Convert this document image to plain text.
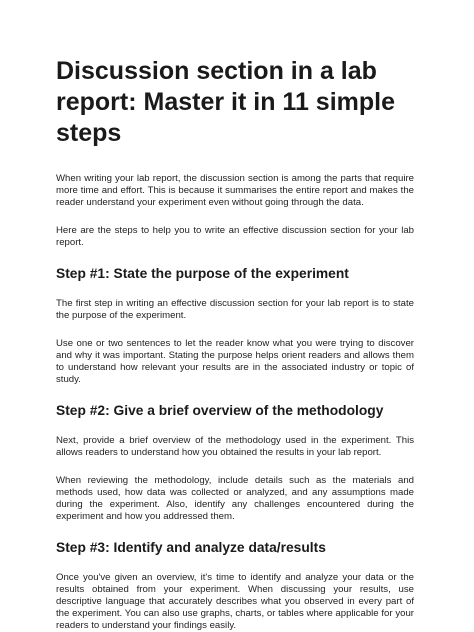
Discussion section in a lab report: Master it in 11 simple steps

When writing your lab report, the discussion section is among the parts that require more time and effort. This is because it summarises the entire report and makes the reader understand your experiment even without going through the data.

Here are the steps to help you to write an effective discussion section for your lab report.

Step #1: State the purpose of the experiment

The first step in writing an effective discussion section for your lab report is to state the purpose of the experiment.

Use one or two sentences to let the reader know what you were trying to discover and why it was important. Stating the purpose helps orient readers and allows them to understand how relevant your results are in the associated industry or topic of study.

Step #2: Give a brief overview of the methodology

Next, provide a brief overview of the methodology used in the experiment. This allows readers to understand how you obtained the results in your lab report.

When reviewing the methodology, include details such as the materials and methods used, how data was collected or analyzed, and any assumptions made during the experiment. Also, identify any challenges encountered during the experiment and how you addressed them.

Step #3: Identify and analyze data/results

Once you've given an overview, it's time to identify and analyze your data or the results obtained from your experiment. When discussing your results, use descriptive language that accurately describes what you observed in every part of the experiment. You can also use graphs, charts, or tables where applicable for your readers to understand your findings easily.
